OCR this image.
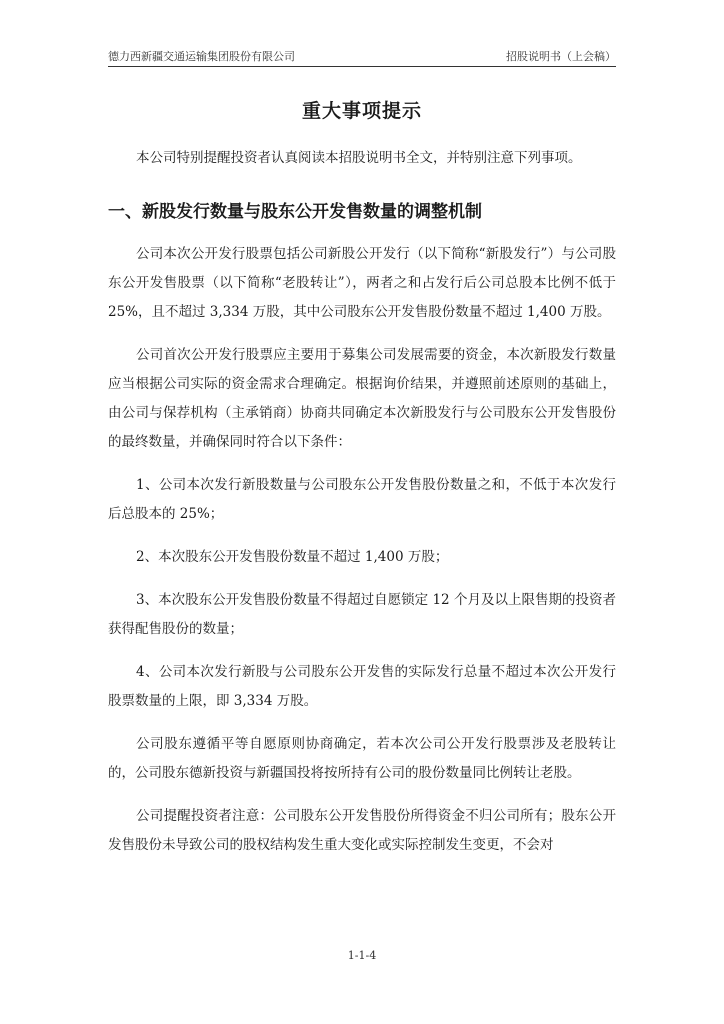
德力西新疆交通运输集团股份有限公司	招股说明书（上会稿）
重大事项提示
本公司特别提醒投资者认真阅读本招股说明书全文，并特别注意下列事项。
一、新股发行数量与股东公开发售数量的调整机制

公司本次公开发行股票包括公司新股公开发行（以下简称“新股发行”）与公司股东公开发售股票（以下简称“老股转让”），两者之和占发行后公司总股本比例不低于 25%，且不超过 3,334 万股，其中公司股东公开发售股份数量不超过 1,400 万股。

公司首次公开发行股票应主要用于募集公司发展需要的资金，本次新股发行数量应当根据公司实际的资金需求合理确定。根据询价结果，并遵照前述原则的基础上，由公司与保荐机构（主承销商）协商共同确定本次新股发行与公司股东公开发售股份的最终数量，并确保同时符合以下条件：

1、公司本次发行新股数量与公司股东公开发售股份数量之和，不低于本次发行后总股本的 25%；

2、本次股东公开发售股份数量不超过 1,400 万股；

3、本次股东公开发售股份数量不得超过自愿锁定 12 个月及以上限售期的投资者获得配售股份的数量；

4、公司本次发行新股与公司股东公开发售的实际发行总量不超过本次公开发行股票数量的上限，即 3,334 万股。

公司股东遵循平等自愿原则协商确定，若本次公司公开发行股票涉及老股转让的，公司股东德新投资与新疆国投将按所持有公司的股份数量同比例转让老股。

公司提醒投资者注意：公司股东公开发售股份所得资金不归公司所有；股东公开发售股份未导致公司的股权结构发生重大变化或实际控制发生变更，不会对

1-1-4
